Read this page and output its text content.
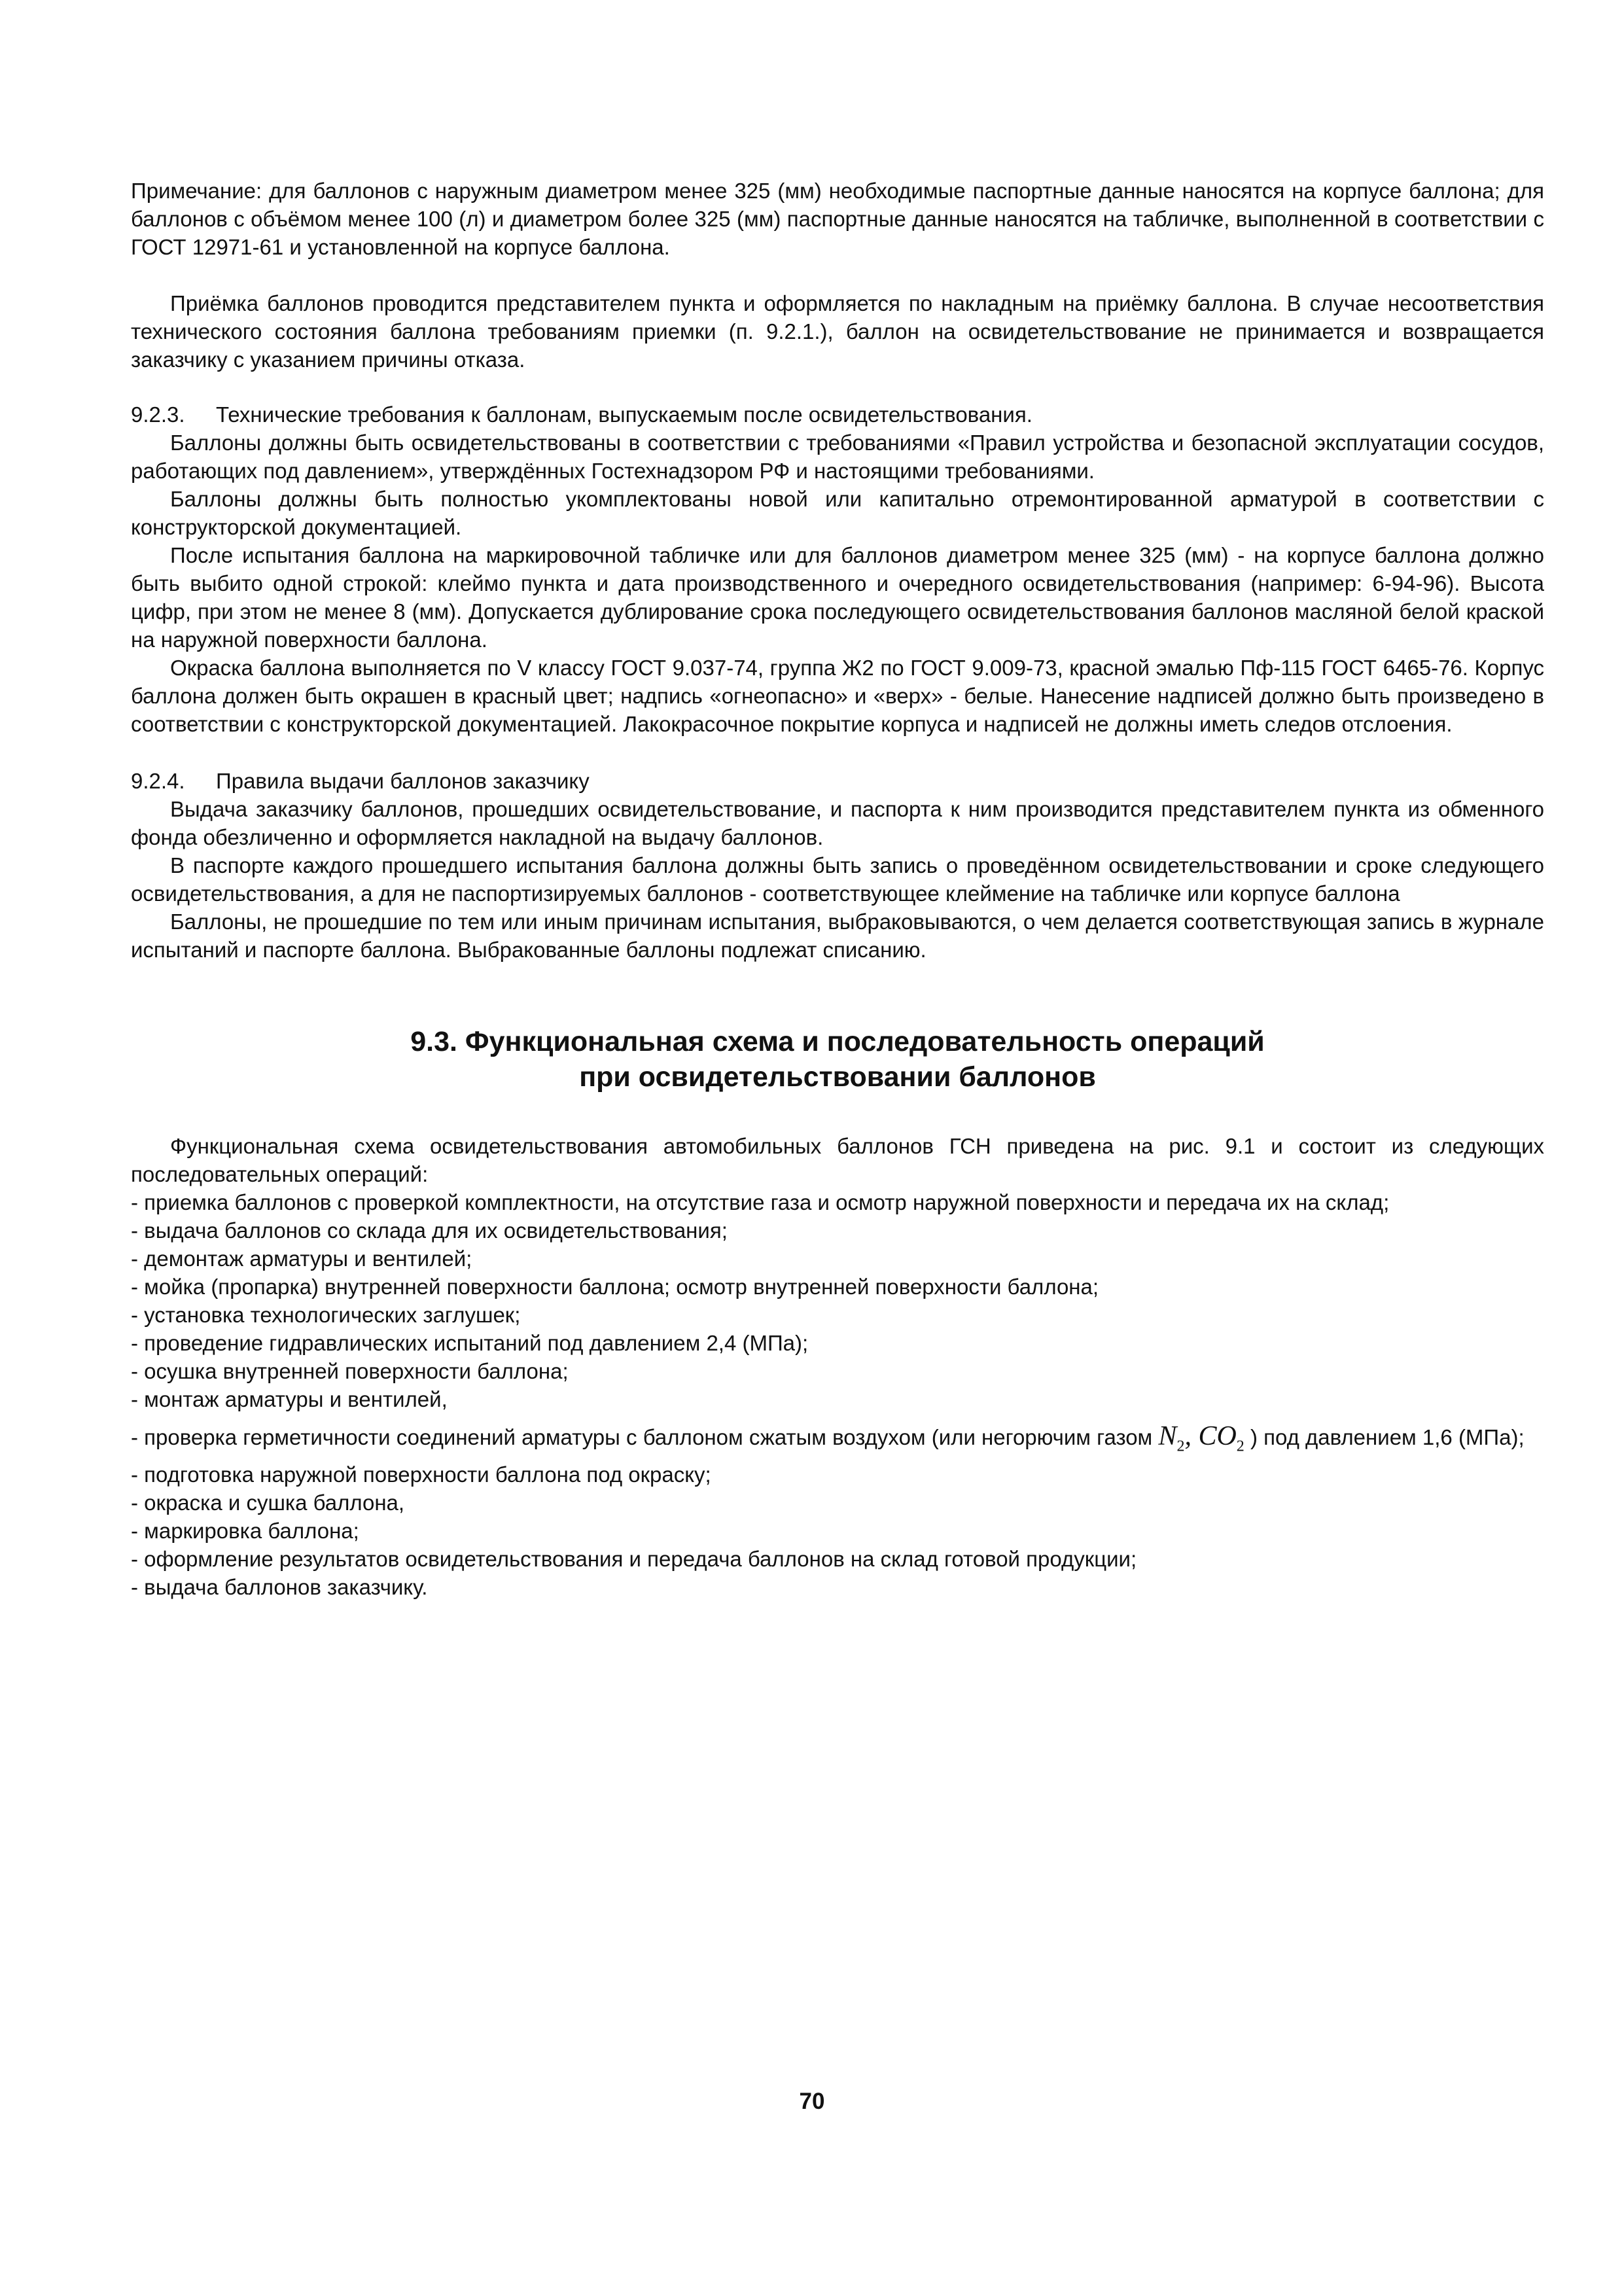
Примечание: для баллонов с наружным диаметром менее 325 (мм) необходимые паспортные данные наносятся на корпусе баллона; для баллонов с объёмом менее 100 (л) и диаметром более 325 (мм) паспортные данные наносятся на табличке, выполненной в соответствии с ГОСТ 12971-61 и установленной на корпусе баллона.

Приёмка баллонов проводится представителем пункта и оформляется по накладным на приёмку баллона. В случае несоответствия технического состояния баллона требованиям приемки (п. 9.2.1.), баллон на освидетельствование не принимается и возвращается заказчику с указанием причины отказа.

9.2.3. Технические требования к баллонам, выпускаемым после освидетельствования.

Баллоны должны быть освидетельствованы в соответствии с требованиями «Правил устройства и безопасной эксплуатации сосудов, работающих под давлением», утверждённых Гостехнадзором РФ и настоящими требованиями.

Баллоны должны быть полностью укомплектованы новой или капитально отремонтированной арматурой в соответствии с конструкторской документацией.

После испытания баллона на маркировочной табличке или для баллонов диаметром менее 325 (мм) - на корпусе баллона должно быть выбито одной строкой: клеймо пункта и дата производственного и очередного освидетельствования (например: 6-94-96). Высота цифр, при этом не менее 8 (мм). Допускается дублирование срока последующего освидетельствования баллонов масляной белой краской на наружной поверхности баллона.

Окраска баллона выполняется по V классу ГОСТ 9.037-74, группа Ж2 по ГОСТ 9.009-73, красной эмалью Пф-115 ГОСТ 6465-76. Корпус баллона должен быть окрашен в красный цвет; надпись «огнеопасно» и «верх» - белые. Нанесение надписей должно быть произведено в соответствии с конструкторской документацией. Лакокрасочное покрытие корпуса и надписей не должны иметь следов отслоения.

9.2.4. Правила выдачи баллонов заказчику

Выдача заказчику баллонов, прошедших освидетельствование, и паспорта к ним производится представителем пункта из обменного фонда обезличенно и оформляется накладной на выдачу баллонов.

В паспорте каждого прошедшего испытания баллона должны быть запись о проведённом освидетельствовании и сроке следующего освидетельствования, а для не паспортизируемых баллонов - соответствующее клеймение на табличке или корпусе баллона

Баллоны, не прошедшие по тем или иным причинам испытания, выбраковываются, о чем делается соответствующая запись в журнале испытаний и паспорте баллона. Выбракованные баллоны подлежат списанию.

9.3. Функциональная схема и последовательность операций
при освидетельствовании баллонов

Функциональная схема освидетельствования автомобильных баллонов ГСН приведена на рис. 9.1 и состоит из следующих последовательных операций:

- приемка баллонов с проверкой комплектности, на отсутствие газа и осмотр наружной поверхности и передача их на склад;

- выдача баллонов со склада для их освидетельствования;

- демонтаж арматуры и вентилей;

- мойка (пропарка) внутренней поверхности баллона; осмотр внутренней поверхности баллона;

- установка технологических заглушек;

- проведение гидравлических испытаний под давлением 2,4 (МПа);

- осушка внутренней поверхности баллона;

- монтаж арматуры и вентилей,

- проверка герметичности соединений арматуры с баллоном сжатым воздухом (или негорючим газом $N_2$, $CO_2$ ) под давлением 1,6 (МПа);

- подготовка наружной поверхности баллона под окраску;

- окраска и сушка баллона,

- маркировка баллона;

- оформление результатов освидетельствования и передача баллонов на склад готовой продукции;

- выдача баллонов заказчику.

70
